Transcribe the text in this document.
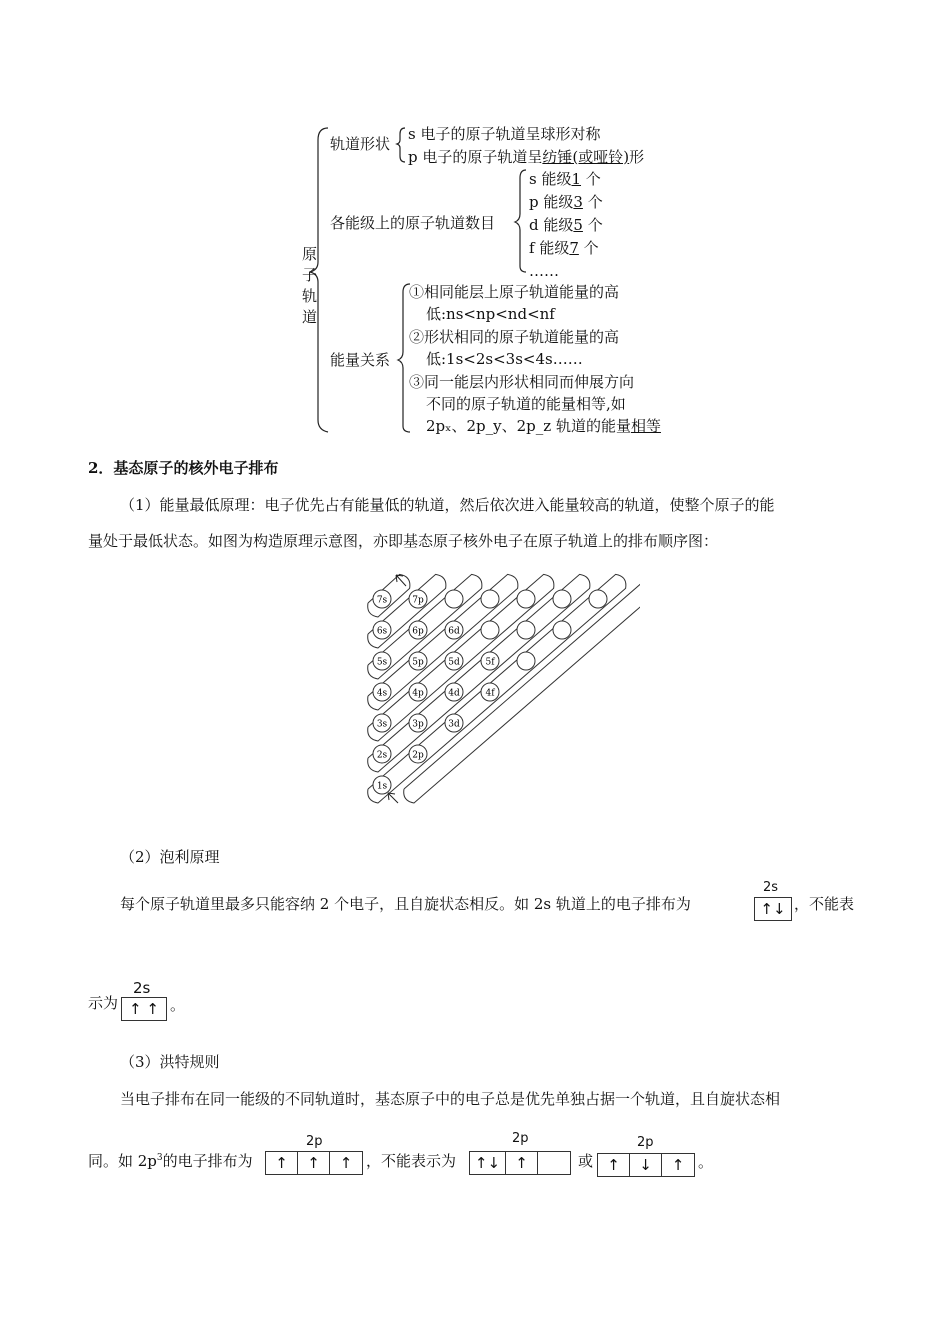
原子轨道
轨道形状
s 电子的原子轨道呈球形对称
p 电子的原子轨道呈纺锤(或哑铃)形
各能级上的原子轨道数目
s 能级1 个
p 能级3 个
d 能级5 个
f 能级7 个
……
能量关系
①相同能层上原子轨道能量的高
低:ns<np<nd<nf
②形状相同的原子轨道能量的高
低:1s<2s<3s<4s……
③同一能层内形状相同而伸展方向
不同的原子轨道的能量相等,如
2pₓ、2p_y、2p_z 轨道的能量相等
2．基态原子的核外电子排布
（1）能量最低原理：电子优先占有能量低的轨道，然后依次进入能量较高的轨道，使整个原子的能
量处于最低状态。如图为构造原理示意图，亦即基态原子核外电子在原子轨道上的排布顺序图：
7s	7p
6s	6p	6d
5s	5p	5d	5f
4s	4p	4d	4f
3s	3p	3d
2s	2p
1s
（2）泡利原理
每个原子轨道里最多只能容纳 2 个电子，且自旋状态相反。如 2s 轨道上的电子排布为
2s
↑↓ ，不能表
示为
2s
↑
↑ 。
（3）洪特规则
当电子排布在同一能级的不同轨道时，基态原子中的电子总是优先单独占据一个轨道，且自旋状态相
同。如 $2p^3$的电子排布为
2p
↑	↑	↑ ，不能表示为
2p
↑↓	↑	或
2p
↑	↓	↑ 。
